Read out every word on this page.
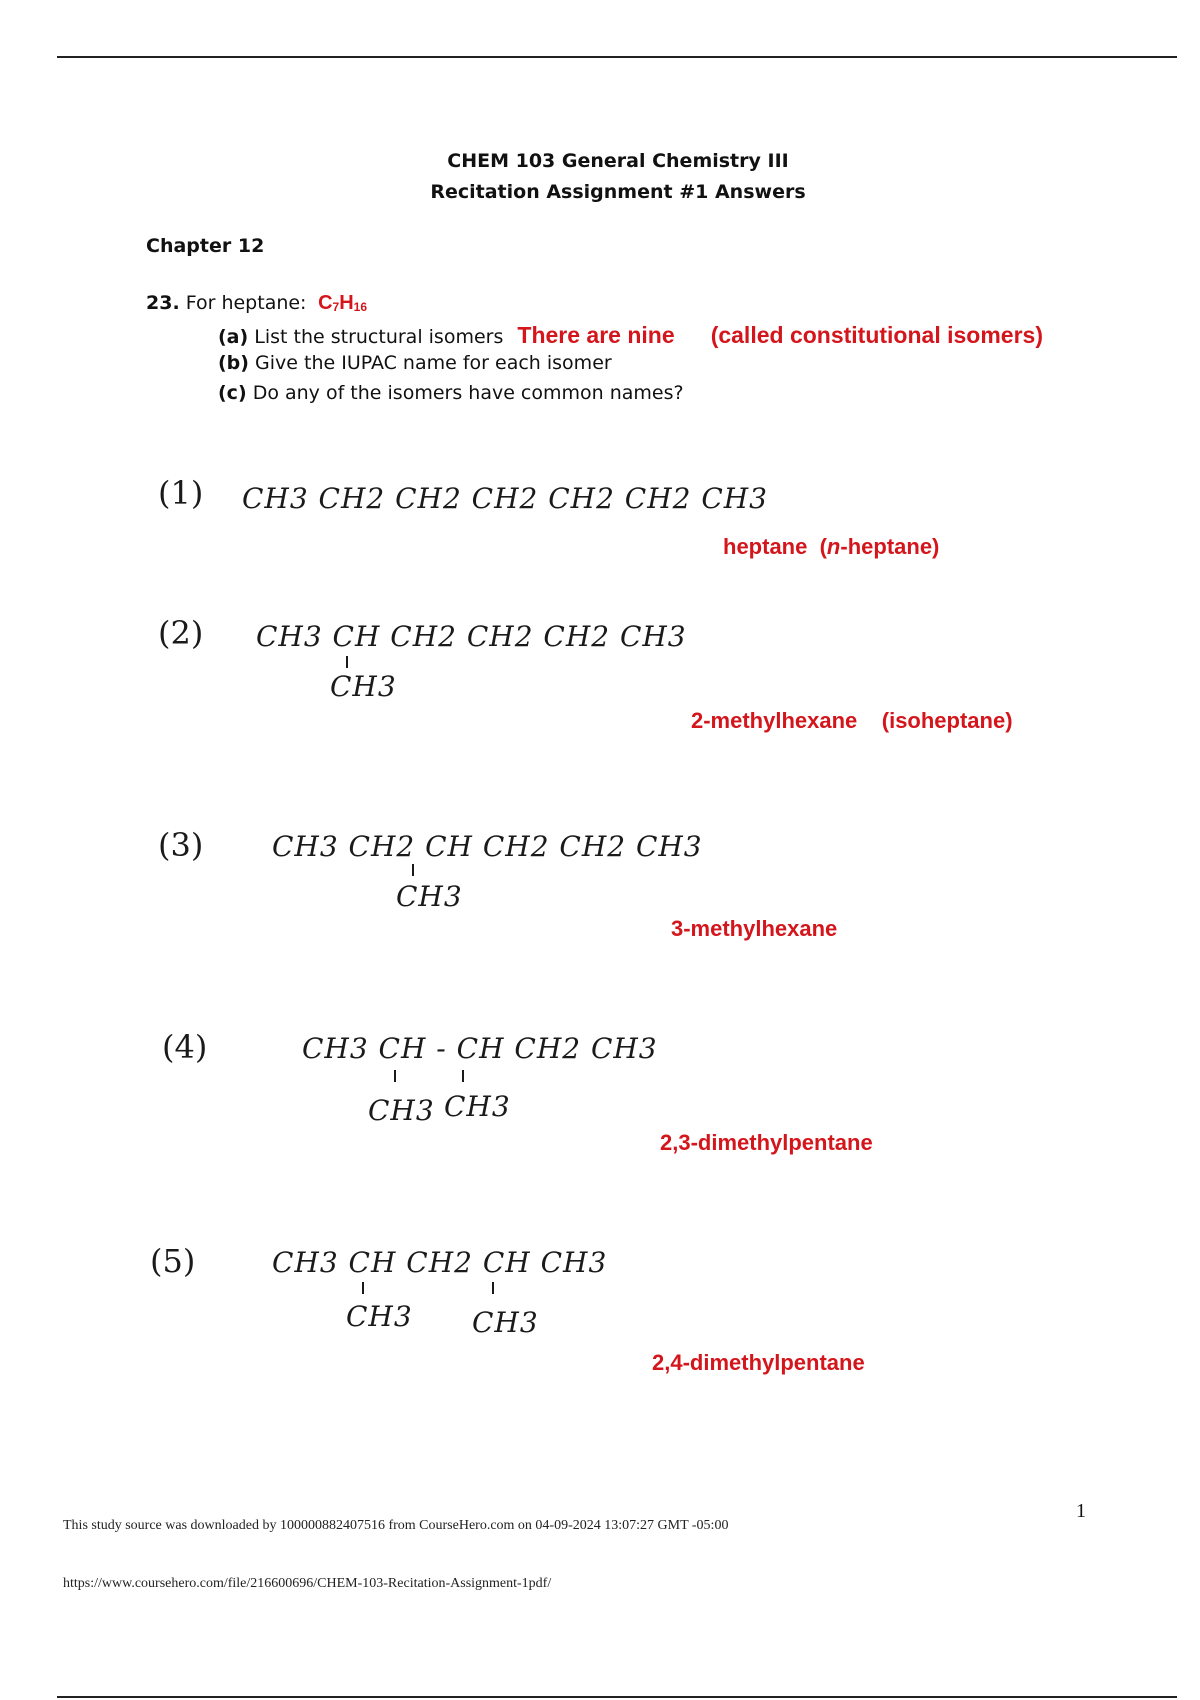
CHEM 103 General Chemistry III
Recitation Assignment #1 Answers
Chapter 12
23. For heptane: $C_7H_{16}$
(a) List the structural isomers There are nine (called constitutional isomers)
(b) Give the IUPAC name for each isomer
(c) Do any of the isomers have common names?
(1) CH3 CH2 CH2 CH2 CH2 CH2 CH3
heptane (n-heptane)
(2) CH3 CH CH2 CH2 CH2 CH3
CH3
2-methylhexane (isoheptane)
(3) CH3 CH2 CH CH2 CH2 CH3
CH3
3-methylhexane
(4)	CH3 CH - CH CH2 CH3
CH3 CH3
2,3-dimethylpentane
(5)	CH3 CH CH2 CH CH3
CH3 CH3
2,4-dimethylpentane
1
This study source was downloaded by 100000882407516 from CourseHero.com on 04-09-2024 13:07:27 GMT -05:00
https://www.coursehero.com/file/216600696/CHEM-103-Recitation-Assignment-1pdf/
